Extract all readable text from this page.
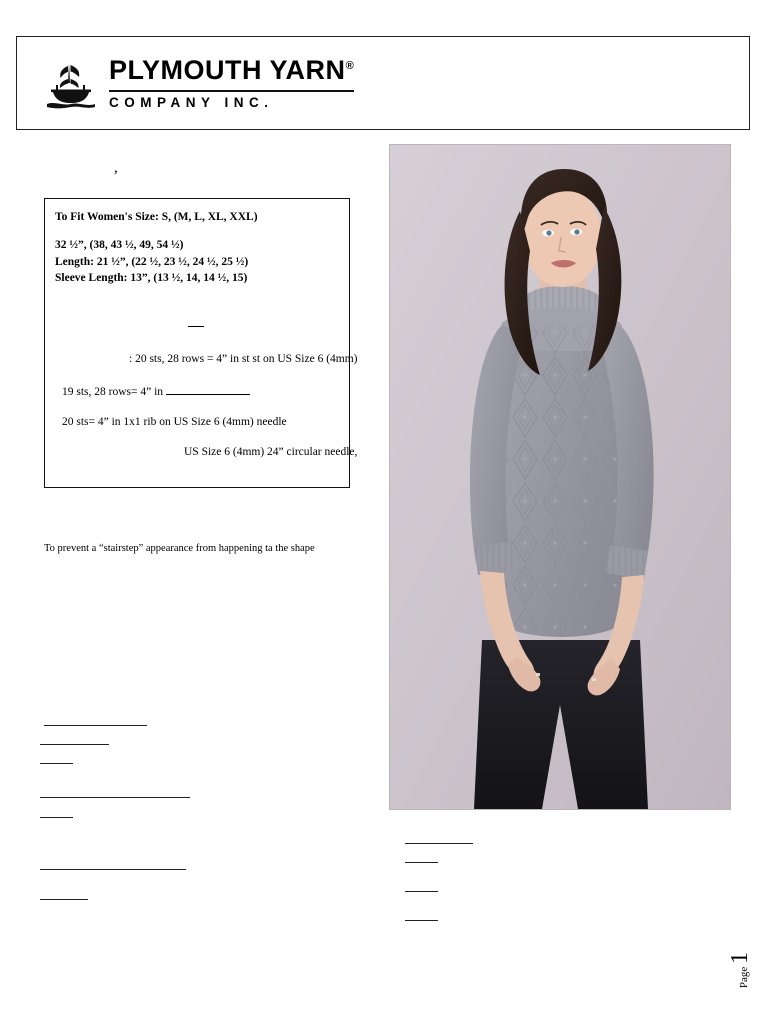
PLYMOUTH YARN®
COMPANY INC.
,
To Fit Women's Size: S, (M, L, XL, XXL)
32 ½”, (38, 43 ½, 49, 54 ½)
Length: 21 ½”, (22 ½, 23 ½, 24 ½, 25 ½)
Sleeve Length: 13”, (13 ½, 14, 14 ½, 15)
: 20 sts, 28 rows = 4” in st st on US Size 6 (4mm)
19 sts, 28 rows= 4” in
20 sts= 4” in 1x1 rib on US Size 6 (4mm) needle
US Size 6 (4mm) 24” circular needle,
To prevent a “stairstep” appearance from happening ta the shape
Page 1
